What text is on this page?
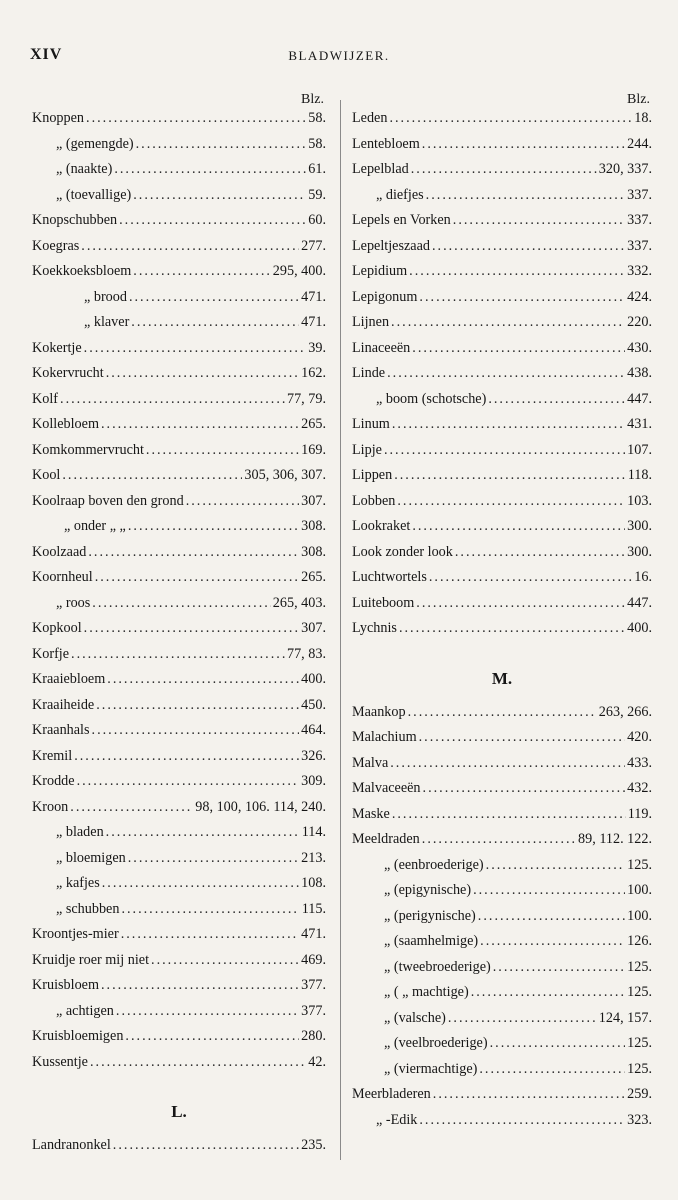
XIV	BLADWIJZER.
Blz.
Knoppen .....	58.
„ (gemengde) .....	58.
„ (naakte) .....	61.
„ (toevallige) .....	59.
Knopschubben .....	60.
Koegras .....	277.
Koekkoeksbloem .....	295, 400.
„ brood .....	471.
„ klaver .....	471.
Kokertje .....	39.
Kokervrucht .....	162.
Kolf .....	77, 79.
Kollebloem .....	265.
Komkommervrucht .....	169.
Kool .....	305, 306, 307.
Koolraap boven den grond .....	307.
„ onder „ „ .....	308.
Koolzaad .....	308.
Koornheul .....	265.
„ roos .....	265, 403.
Kopkool .....	307.
Korfje .....	77, 83.
Kraaiebloem .....	400.
Kraaiheide .....	450.
Kraanhals .....	464.
Kremil .....	326.
Krodde .....	309.
Kroon .....	98, 100, 106. 114, 240.
„ bladen .....	114.
„ bloemigen .....	213.
„ kafjes .....	108.
„ schubben .....	115.
Kroontjes-mier .....	471.
Kruidje roer mij niet .....	469.
Kruisbloem .....	377.
„ achtigen .....	377.
Kruisbloemigen .....	280.
Kussentje .....	42.
L.
Landranonkel .....	235.
Blz.
Leden .....	18.
Lentebloem .....	244.
Lepelblad .....	320, 337.
„ diefjes .....	337.
Lepels en Vorken .....	337.
Lepeltjeszaad .....	337.
Lepidium .....	332.
Lepigonum .....	424.
Lijnen .....	220.
Linaceeën .....	430.
Linde .....	438.
„ boom (schotsche) .....	447.
Linum .....	431.
Lipje .....	107.
Lippen .....	118.
Lobben .....	103.
Lookraket .....	300.
Look zonder look .....	300.
Luchtwortels .....	16.
Luiteboom .....	447.
Lychnis .....	400.
M.
Maankop .....	263, 266.
Malachium .....	420.
Malva .....	433.
Malvaceeën .....	432.
Maske .....	119.
Meeldraden .....	89, 112. 122.
„ (eenbroederige) .....	125.
„ (epigynische) .....	100.
„ (perigynische) .....	100.
„ (saamhelmige) .....	126.
„ (tweebroederige) .....	125.
„ ( „ machtige) .....	125.
„ (valsche) .....	124, 157.
„ (veelbroederige) .....	125.
„ (viermachtige) .....	125.
Meerbladeren .....	259.
„ -Edik .....	323.
